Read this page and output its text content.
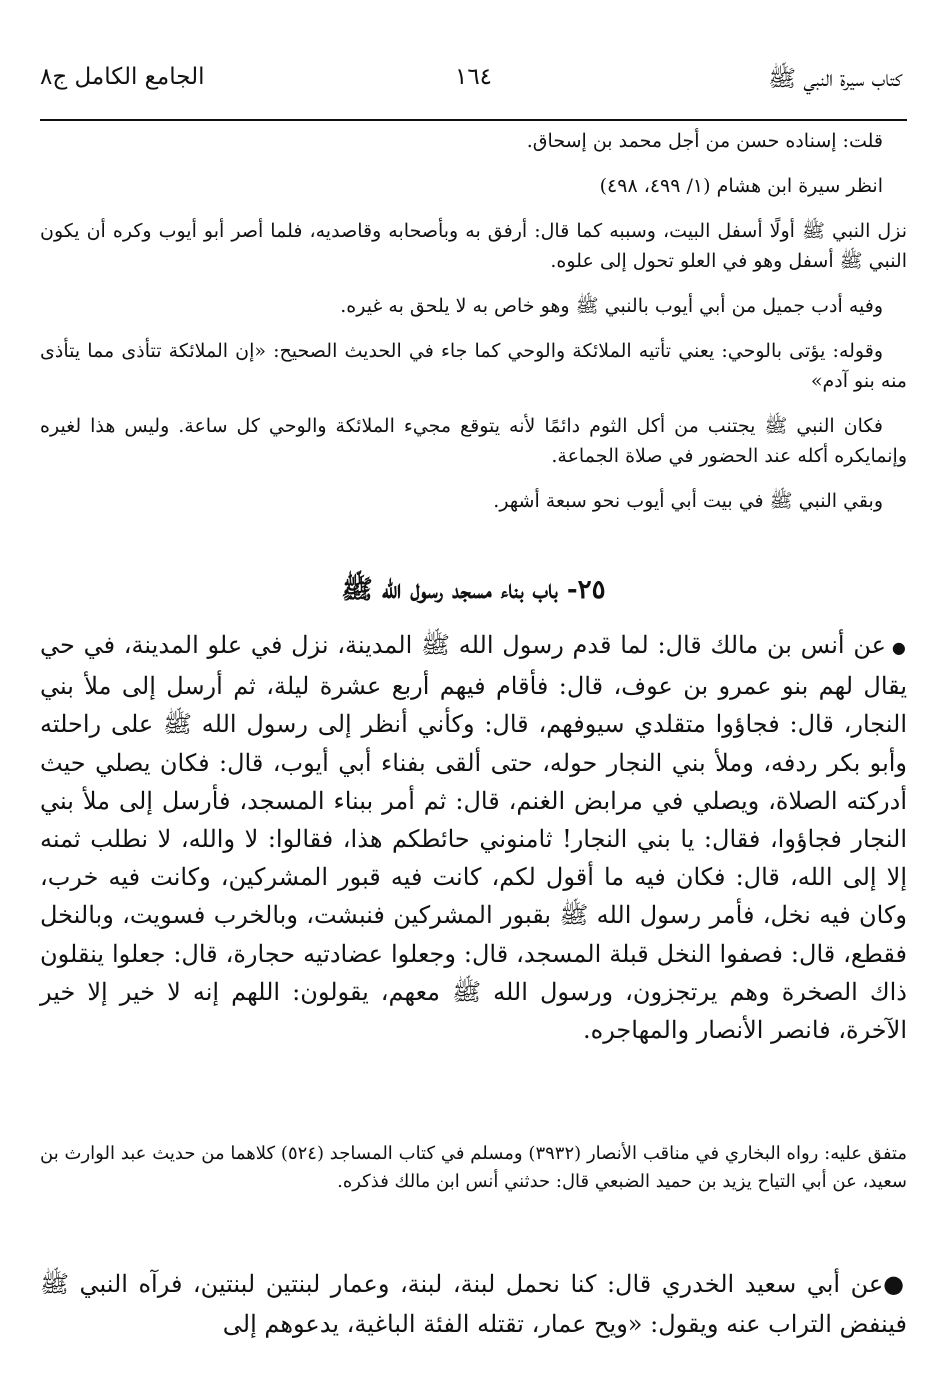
كتاب سيرة النبي ﷺ
١٦٤
الجامع الكامل ج٨

قلت: إسناده حسن من أجل محمد بن إسحاق.

انظر سيرة ابن هشام (١/ ٤٩٩، ٤٩٨)

نزل النبي ﷺ أولًا أسفل البيت، وسببه كما قال: أرفق به وبأصحابه وقاصديه، فلما أصر أبو أيوب وكره أن يكون النبي ﷺ أسفل وهو في العلو تحول إلى علوه.

وفيه أدب جميل من أبي أيوب بالنبي ﷺ وهو خاص به لا يلحق به غيره.

وقوله: يؤتى بالوحي: يعني تأتيه الملائكة والوحي كما جاء في الحديث الصحيح: «إن الملائكة تتأذى مما يتأذى منه بنو آدم»

فكان النبي ﷺ يجتنب من أكل الثوم دائمًا لأنه يتوقع مجيء الملائكة والوحي كل ساعة. وليس هذا لغيره وإنمايكره أكله عند الحضور في صلاة الجماعة.

وبقي النبي ﷺ في بيت أبي أيوب نحو سبعة أشهر.

٢٥- باب بناء مسجد رسول الله ﷺ

●عن أنس بن مالك قال: لما قدم رسول الله ﷺ المدينة، نزل في علو المدينة، في حي يقال لهم بنو عمرو بن عوف، قال: فأقام فيهم أربع عشرة ليلة، ثم أرسل إلى ملأ بني النجار، قال: فجاؤوا متقلدي سيوفهم، قال: وكأني أنظر إلى رسول الله ﷺ على راحلته وأبو بكر ردفه، وملأ بني النجار حوله، حتى ألقى بفناء أبي أيوب، قال: فكان يصلي حيث أدركته الصلاة، ويصلي في مرابض الغنم، قال: ثم أمر ببناء المسجد، فأرسل إلى ملأ بني النجار فجاؤوا، فقال: يا بني النجار! ثامنوني حائطكم هذا، فقالوا: لا والله، لا نطلب ثمنه إلا إلى الله، قال: فكان فيه ما أقول لكم، كانت فيه قبور المشركين، وكانت فيه خرب، وكان فيه نخل، فأمر رسول الله ﷺ بقبور المشركين فنبشت، وبالخرب فسويت، وبالنخل فقطع، قال: فصفوا النخل قبلة المسجد، قال: وجعلوا عضادتيه حجارة، قال: جعلوا ينقلون ذاك الصخرة وهم يرتجزون، ورسول الله ﷺ معهم، يقولون: اللهم إنه لا خير إلا خير الآخرة، فانصر الأنصار والمهاجره.

متفق عليه: رواه البخاري في مناقب الأنصار (٣٩٣٢) ومسلم في كتاب المساجد (٥٢٤) كلاهما من حديث عبد الوارث بن سعيد، عن أبي التياح يزيد بن حميد الضبعي قال: حدثني أنس ابن مالك فذكره.

●عن أبي سعيد الخدري قال: كنا نحمل لبنة، لبنة، وعمار لبنتين لبنتين، فرآه النبي ﷺ فينفض التراب عنه ويقول: «ويح عمار، تقتله الفئة الباغية، يدعوهم إلى
